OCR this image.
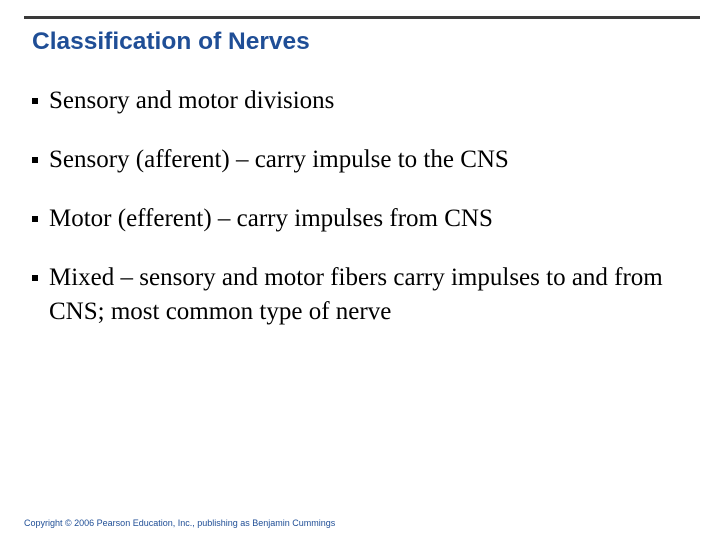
Classification of Nerves
Sensory and motor divisions
Sensory (afferent) – carry impulse to the CNS
Motor (efferent) – carry impulses from CNS
Mixed – sensory and motor fibers carry impulses to and from CNS; most common type of nerve

Copyright © 2006 Pearson Education, Inc., publishing as Benjamin Cummings
